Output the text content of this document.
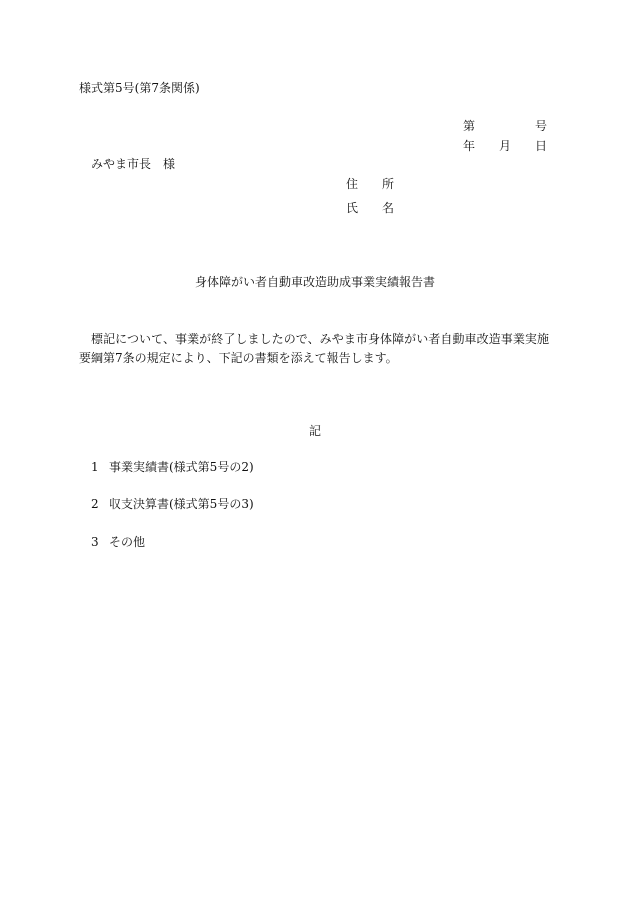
様式第5号(第7条関係)
第	号
年 月 日
みやま市長　様
住 所
氏 名
身体障がい者自動車改造助成事業実績報告書
標記について、事業が終了しましたので、みやま市身体障がい者自動車改造事業実施要綱第7条の規定により、下記の書類を添えて報告します。
記
1 事業実績書(様式第5号の2)
2 収支決算書(様式第5号の3)
3 その他
